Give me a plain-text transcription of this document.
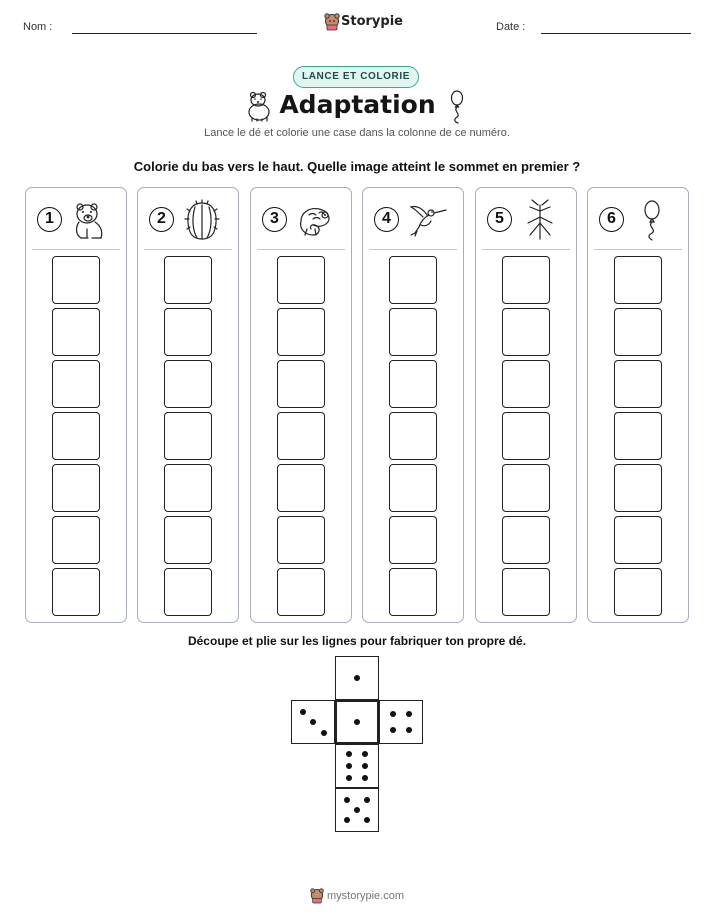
Nom :	Storypie	Date :
LANCE ET COLORIE
Adaptation
Lance le dé et colorie une case dans la colonne de ce numéro.
Colorie du bas vers le haut. Quelle image atteint le sommet en premier ?
1	2	3	4	5	6
Découpe et plie sur les lignes pour fabriquer ton propre dé.
mystorypie.com
